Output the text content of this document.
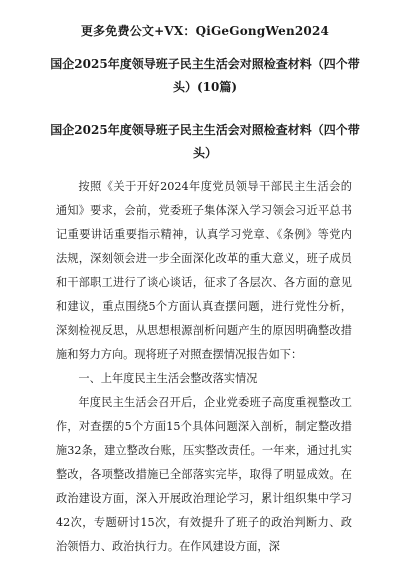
更多免费公文+VX：QiGeGongWen2024
国企2025年度领导班子民主生活会对照检查材料（四个带头）(10篇)
国企2025年度领导班子民主生活会对照检查材料（四个带头）

按照《关于开好2024年度党员领导干部民主生活会的通知》要求，会前，党委班子集体深入学习领会习近平总书记重要讲话重要指示精神，认真学习党章、《条例》等党内法规，深刻领会进一步全面深化改革的重大意义，班子成员和干部职工进行了谈心谈话，征求了各层次、各方面的意见和建议，重点围绕5个方面认真查摆问题，进行党性分析，深刻检视反思，从思想根源剖析问题产生的原因明确整改措施和努力方向。现将班子对照查摆情况报告如下：

一、上年度民主生活会整改落实情况

年度民主生活会召开后，企业党委班子高度重视整改工作，对查摆的5个方面15个具体问题深入剖析，制定整改措施32条，建立整改台账，压实整改责任。一年来，通过扎实整改，各项整改措施已全部落实完毕，取得了明显成效。在政治建设方面，深入开展政治理论学习，累计组织集中学习42次，专题研讨15次，有效提升了班子的政治判断力、政治领悟力、政治执行力。在作风建设方面，深
